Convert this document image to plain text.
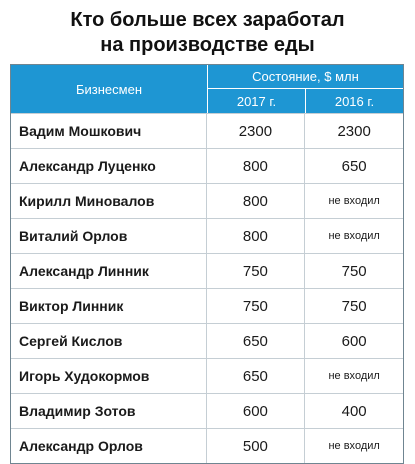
Кто больше всех заработал
на производстве еды
Бизнесмен
Состояние, $ млн
2017 г.	2016 г.
Вадим Мошкович	2300	2300
Александр Луценко	800	650
Кирилл Миновалов	800	не входил
Виталий Орлов	800	не входил
Александр Линник	750	750
Виктор Линник	750	750
Сергей Кислов	650	600
Игорь Худокормов	650	не входил
Владимир Зотов	600	400
Александр Орлов	500	не входил
